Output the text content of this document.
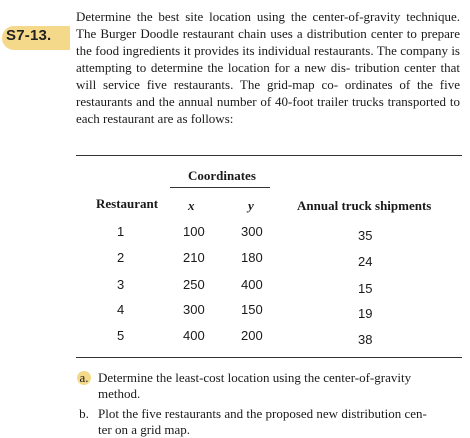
S7-13.

Determine the best site location using the center-of-gravity technique. The Burger Doodle restaurant chain uses a distribution center to prepare the food ingredients it provides its individual restaurants. The company is attempting to determine the location for a new dis- tribution center that will service five restaurants. The grid-map co- ordinates of the five restaurants and the annual number of 40-foot trailer trucks transported to each restaurant are as follows:

Coordinates
Restaurant x	y	Annual truck shipments
1	100	300	35
2	210	180	24
3	250	400	15
4	300	150	19
5	400	200	38
a. Determine the least-cost location using the center-of-gravity
method.
b. Plot the five restaurants and the proposed new distribution cen-
ter on a grid map.
